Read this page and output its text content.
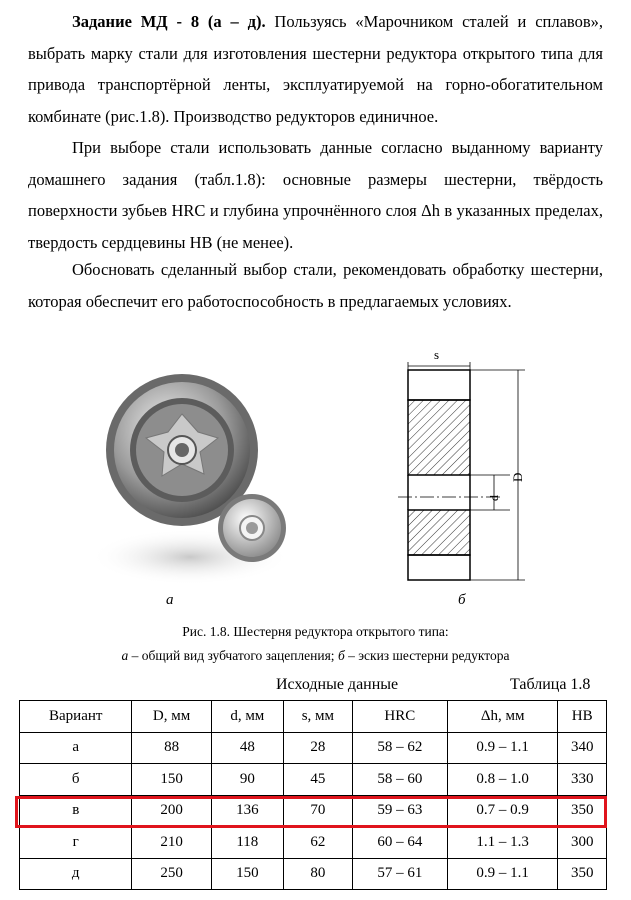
Задание МД - 8 (а – д). Пользуясь «Марочником сталей и сплавов», выбрать марку стали для изготовления шестерни редуктора открытого типа для привода транспортёрной ленты, эксплуатируемой на горно-обогатительном комбинате (рис.1.8). Производство редукторов единичное.

При выборе стали использовать данные согласно выданному варианту домашнего задания (табл.1.8): основные размеры шестерни, твёрдость поверхности зубьев HRC и глубина упрочнённого слоя Δh в указанных пределах, твердость сердцевины HB (не менее).

Обосновать сделанный выбор стали, рекомендовать обработку шестерни, которая обеспечит его работоспособность в предлагаемых условиях.

s
d
D
а	б
Рис. 1.8. Шестерня редуктора открытого типа:
а – общий вид зубчатого зацепления; б – эскиз шестерни редуктора
Исходные данные	Таблица 1.8
Вариант	D, мм	d, мм	s, мм	HRC	Δh, мм	HB
а	88	48	28	58 – 62	0.9 – 1.1	340
б	150	90	45	58 – 60	0.8 – 1.0	330
в	200	136	70	59 – 63	0.7 – 0.9	350
г	210	118	62	60 – 64	1.1 – 1.3	300
д	250	150	80	57 – 61	0.9 – 1.1	350
